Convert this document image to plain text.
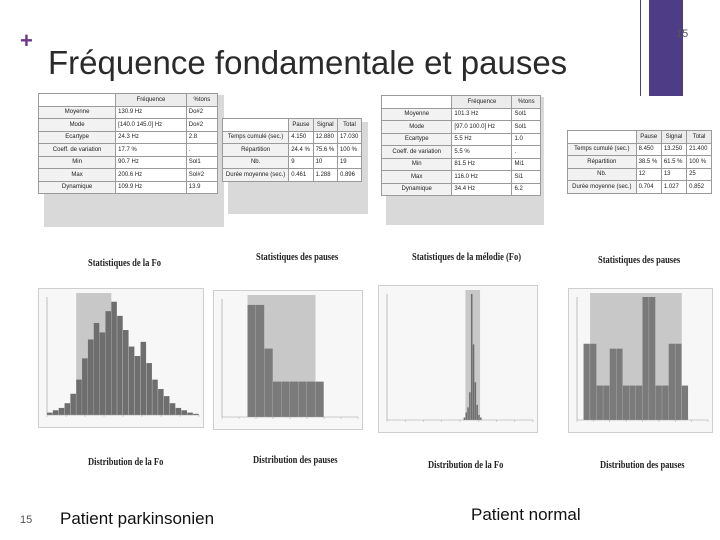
+
Fréquence fondamentale et pauses
15
	Fréquence	%tons
Moyenne	130.9 Hz	Do#2
Mode	[140.0 145.0] Hz	Do#2
Ecartype	24.3 Hz	2.8
Coeff. de variation	17.7 %	.
Min	90.7 Hz	Sol1
Max	200.6 Hz	Sol#2
Dynamique	109.9 Hz	13.9
	Pause	Signal	Total
Temps cumulé (sec.)	4.150	12.880	17.030
Répartition	24.4 %	75.6 %	100 %
Nb.	9	10	19
Durée moyenne (sec.)	0.461	1.288	0.896
	Fréquence	%tons
Moyenne	101.3 Hz	Sol1
Mode	[97.0 100.0] Hz	Sol1
Ecartype	5.5 Hz	1.0
Coeff. de variation	5.5 %	.
Min	81.5 Hz	Mi1
Max	116.0 Hz	Si1
Dynamique	34.4 Hz	6.2
	Pause	Signal	Total
Temps cumulé (sec.)	8.450	13.250	21.400
Répartition	38.5 %	61.5 %	100 %
Nb.	12	13	25
Durée moyenne (sec.)	0.704	1.027	0.852
Statistiques de la Fo
Statistiques des pauses	Statistiques de la mélodie (Fo)	Statistiques des pauses
Distribution de la Fo	Distribution des pauses	Distribution de la Fo	Distribution des pauses
15 Patient parkinsonien	Patient normal
